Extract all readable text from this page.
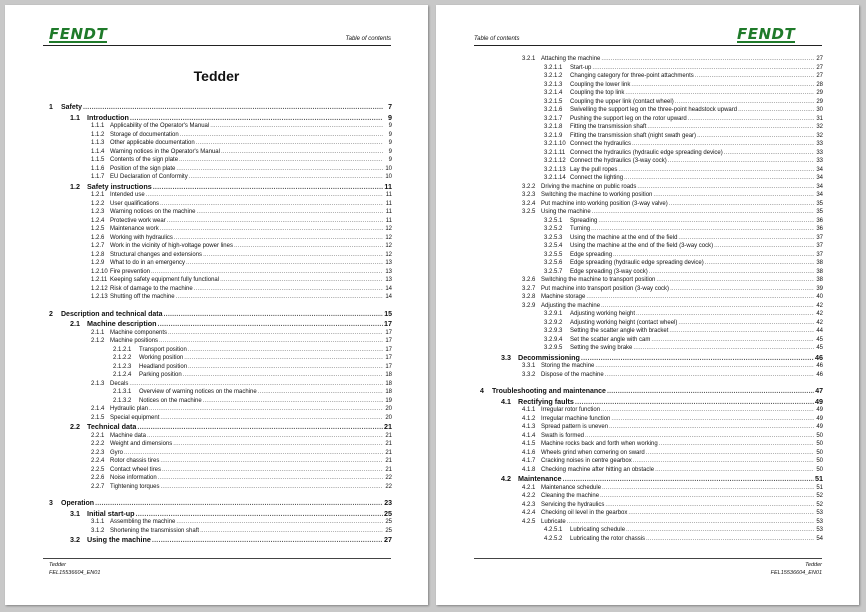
FENDT	Table of contents
Tedder
1	Safety .....	7
1.1 Introduction .....	9
1.1.1 Applicability of the Operator's Manual .....	9
1.1.2 Storage of documentation .....	9
1.1.3 Other applicable documentation .....	9
1.1.4 Warning notices in the Operator's Manual .....	9
1.1.5 Contents of the sign plate .....	9
1.1.6 Position of the sign plate .....	10
1.1.7 EU Declaration of Conformity .....	10
1.2 Safety instructions .....	11
1.2.1 Intended use .....	11
1.2.2 User qualifications .....	11
1.2.3 Warning notices on the machine .....	11
1.2.4 Protective work wear .....	11
1.2.5 Maintenance work .....	12
1.2.6 Working with hydraulics .....	12
1.2.7 Work in the vicinity of high-voltage power lines .....	12
1.2.8 Structural changes and extensions .....	12
1.2.9 What to do in an emergency .....	13
1.2.10 Fire prevention .....	13
1.2.11 Keeping safety equipment fully functional .....	13
1.2.12 Risk of damage to the machine .....	14
1.2.13 Shutting off the machine .....	14
2	Description and technical data .....	15
2.1 Machine description .....	17
2.1.1 Machine components .....	17
2.1.2 Machine positions .....	17
2.1.2.1	Transport position .....	17
2.1.2.2	Working position .....	17
2.1.2.3	Headland position .....	17
2.1.2.4	Parking position .....	18
2.1.3 Decals .....	18
2.1.3.1	Overview of warning notices on the machine .....	18
2.1.3.2	Notices on the machine .....	19
2.1.4 Hydraulic plan .....	20
2.1.5 Special equipment .....	20
2.2 Technical data .....	21
2.2.1 Machine data .....	21
2.2.2 Weight and dimensions .....	21
2.2.3 Gyro .....	21
2.2.4 Rotor chassis tires .....	21
2.2.5 Contact wheel tires .....	21
2.2.6 Noise information .....	22
2.2.7 Tightening torques .....	22
3	Operation .....	23
3.1 Initial start-up .....	25
3.1.1 Assembling the machine .....	25
3.1.2 Shortening the transmission shaft .....	25
3.2 Using the machine .....	27
Tedder
FEL15536604_EN01
FENDT
Table of contents
3.2.1 Attaching the machine .....	27
3.2.1.1	Start-up .....	27
3.2.1.2	Changing category for three-point attachments .....	27
3.2.1.3	Coupling the lower link .....	28
3.2.1.4	Coupling the top link .....	29
3.2.1.5	Coupling the upper link (contact wheel) .....	29
3.2.1.6	Swivelling the support leg on the three-point headstock upward .....	30
3.2.1.7	Pushing the support leg on the rotor upward .....	31
3.2.1.8	Fitting the transmission shaft .....	32
3.2.1.9	Fitting the transmission shaft (night swath gear) .....	32
3.2.1.10 Connect the hydraulics .....	33
3.2.1.11 Connect the hydraulics (hydraulic edge spreading device) .....	33
3.2.1.12 Connect the hydraulics (3-way cock) .....	33
3.2.1.13 Lay the pull ropes .....	34
3.2.1.14 Connect the lighting .....	34
3.2.2 Driving the machine on public roads .....	34
3.2.3 Switching the machine to working position .....	34
3.2.4 Put machine into working position (3-way valve) .....	35
3.2.5 Using the machine .....	35
3.2.5.1	Spreading .....	36
3.2.5.2	Turning .....	36
3.2.5.3	Using the machine at the end of the field .....	37
3.2.5.4	Using the machine at the end of the field (3-way cock) .....	37
3.2.5.5	Edge spreading .....	37
3.2.5.6	Edge spreading (hydraulic edge spreading device) .....	38
3.2.5.7	Edge spreading (3-way cock) .....	38
3.2.6 Switching the machine to transport position .....	38
3.2.7 Put machine into transport position (3-way cock) .....	39
3.2.8 Machine storage .....	40
3.2.9 Adjusting the machine .....	42
3.2.9.1	Adjusting working height .....	42
3.2.9.2	Adjusting working height (contact wheel) .....	42
3.2.9.3	Setting the scatter angle with bracket .....	44
3.2.9.4	Set the scatter angle with cam .....	45
3.2.9.5	Setting the swing brake .....	45
3.3 Decommissioning .....	46
3.3.1 Storing the machine .....	46
3.3.2 Dispose of the machine .....	46
4	Troubleshooting and maintenance .....	47
4.1 Rectifying faults .....	49
4.1.1 Irregular rotor function .....	49
4.1.2 Irregular machine function .....	49
4.1.3 Spread pattern is uneven .....	49
4.1.4 Swath is formed .....	50
4.1.5 Machine rocks back and forth when working .....	50
4.1.6 Wheels grind when cornering on sward .....	50
4.1.7 Cracking noises in centre gearbox .....	50
4.1.8 Checking machine after hitting an obstacle .....	50
4.2 Maintenance .....	51
4.2.1 Maintenance schedule .....	51
4.2.2 Cleaning the machine .....	52
4.2.3 Servicing the hydraulics .....	52
4.2.4 Checking oil level in the gearbox .....	53
4.2.5 Lubricate .....	53
4.2.5.1	Lubricating schedule .....	53
4.2.5.2	Lubricating the rotor chassis .....	54
Tedder
FEL15536604_EN01
